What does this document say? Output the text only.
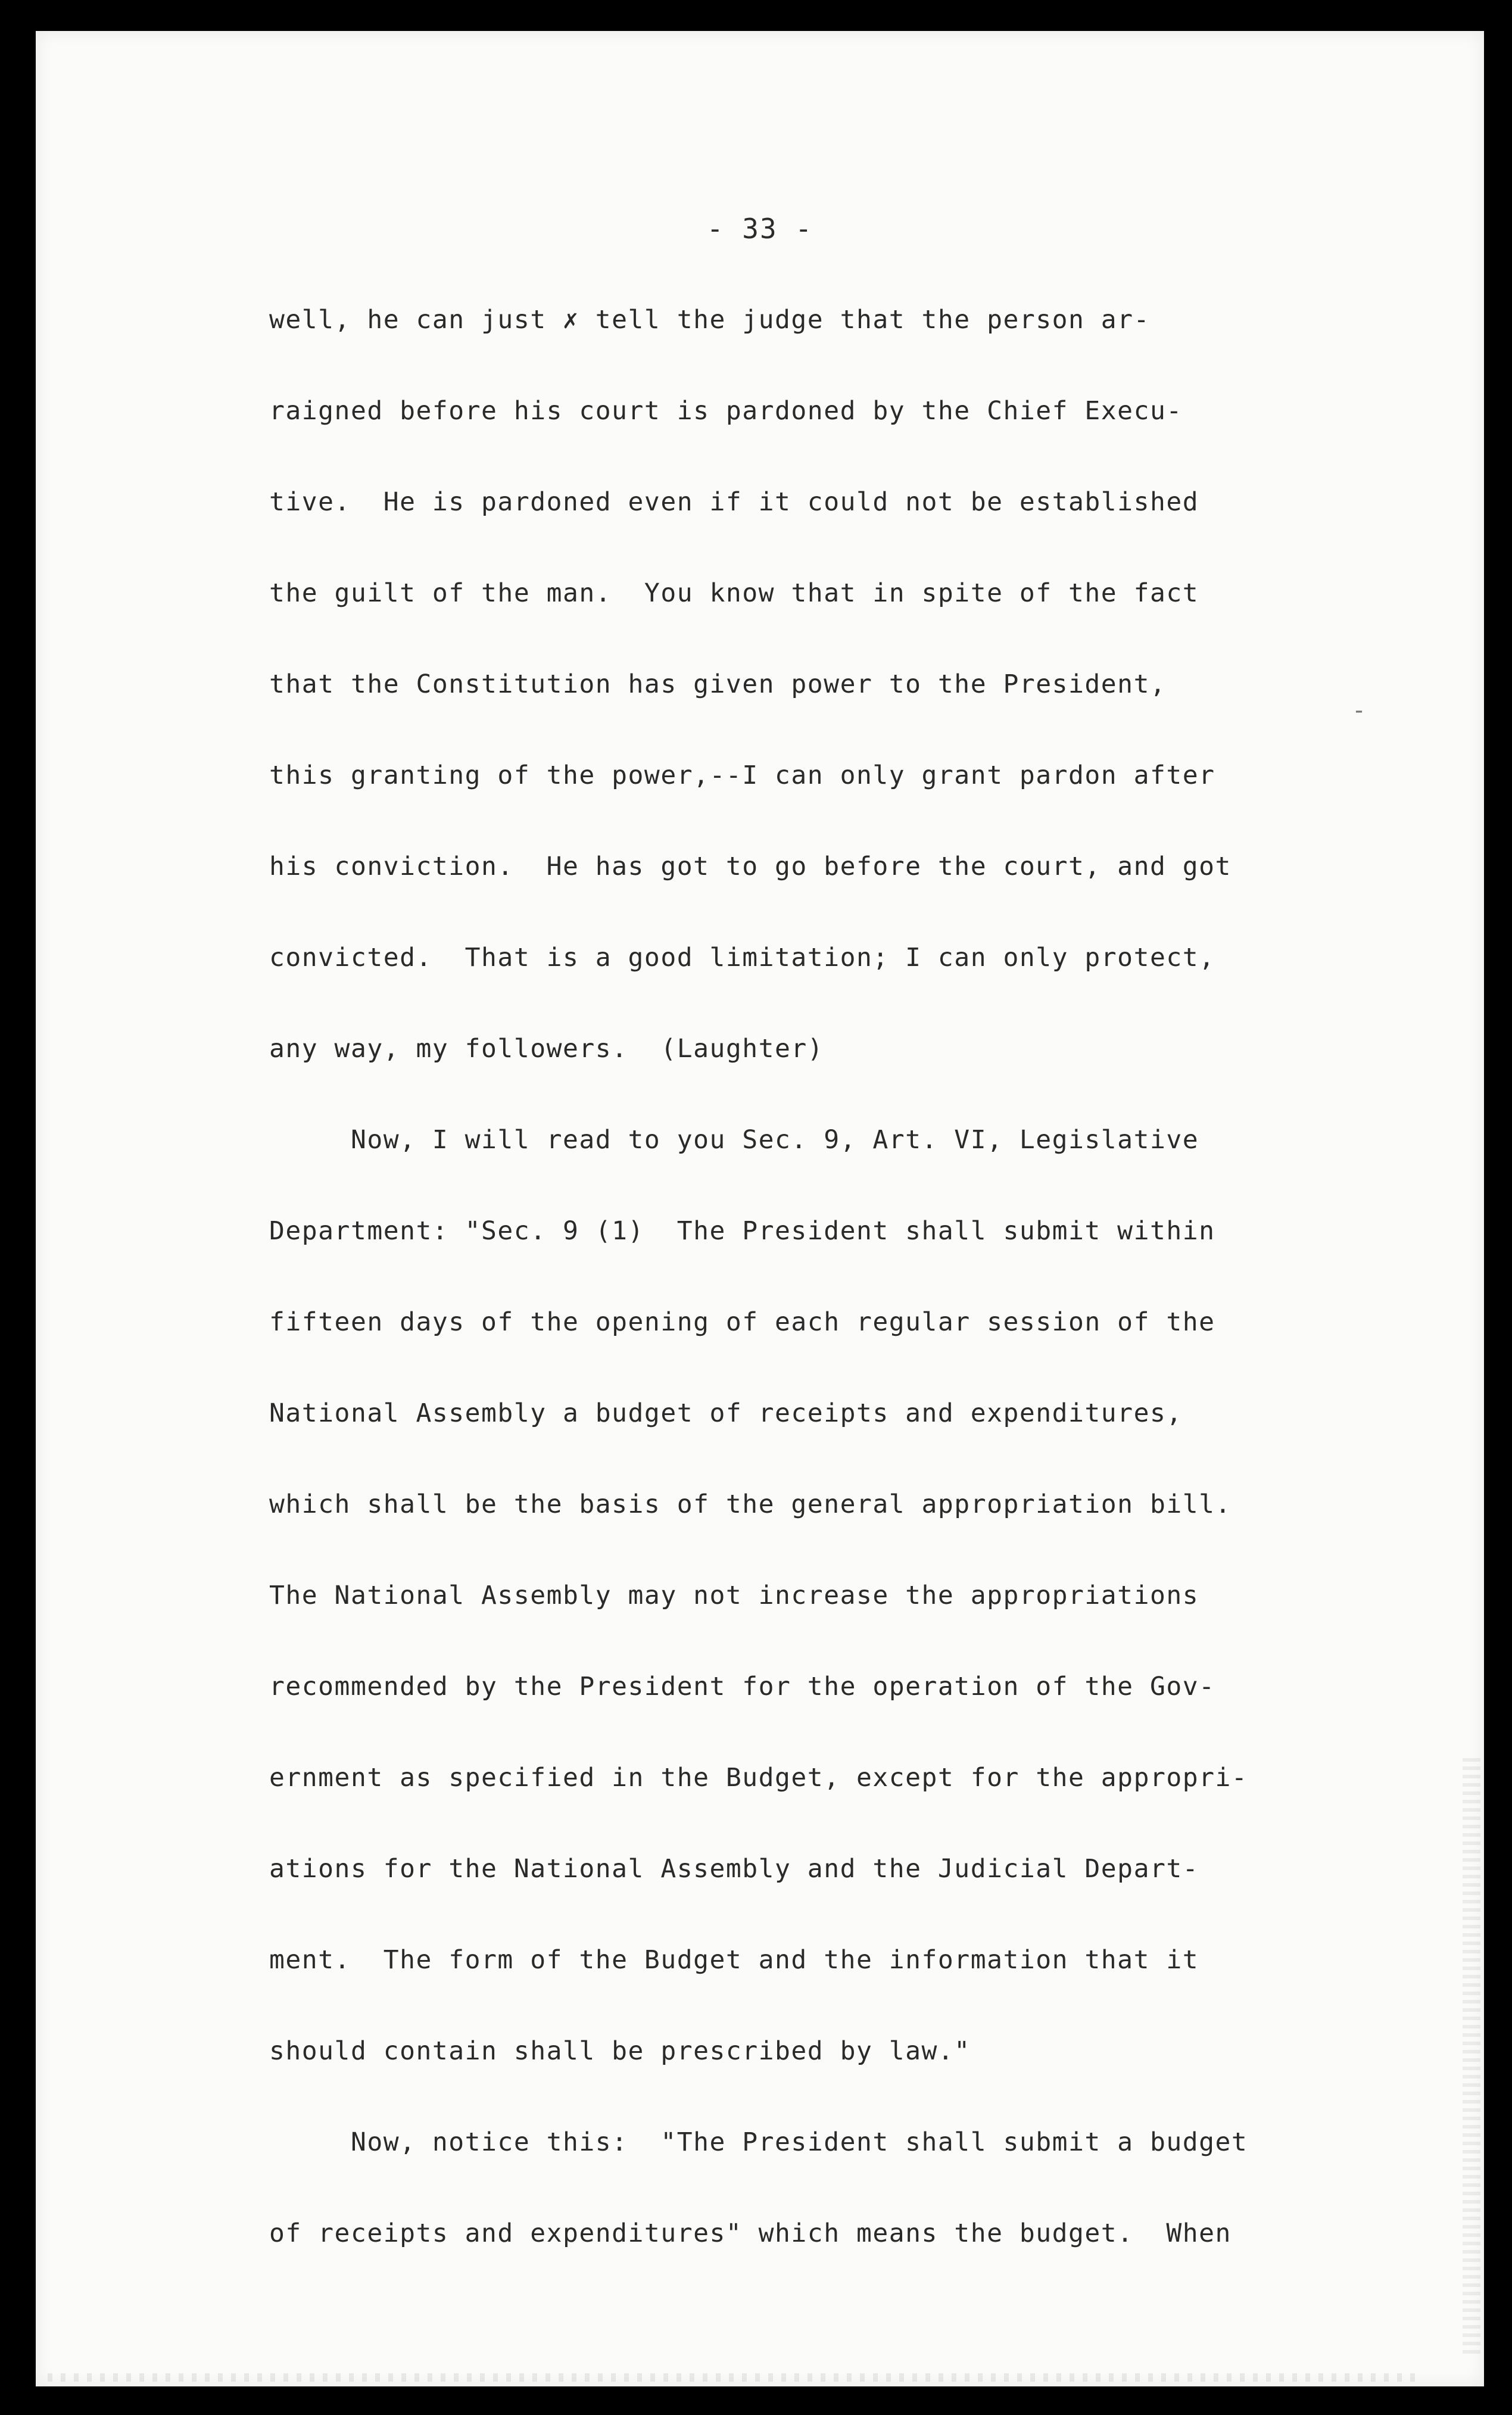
- 33 -
well, he can just ✗ tell the judge that the person ar-
raigned before his court is pardoned by the Chief Execu-
tive.  He is pardoned even if it could not be established
the guilt of the man.  You know that in spite of the fact
that the Constitution has given power to the President,
this granting of the power,--I can only grant pardon after
his conviction.  He has got to go before the court, and got
convicted.  That is a good limitation; I can only protect,
any way, my followers.  (Laughter)
Now, I will read to you Sec. 9, Art. VI, Legislative
Department: "Sec. 9 (1)  The President shall submit within
fifteen days of the opening of each regular session of the
National Assembly a budget of receipts and expenditures,
which shall be the basis of the general appropriation bill.
The National Assembly may not increase the appropriations
recommended by the President for the operation of the Gov-
ernment as specified in the Budget, except for the appropri-
ations for the National Assembly and the Judicial Depart-
ment.  The form of the Budget and the information that it
should contain shall be prescribed by law."
Now, notice this:  "The President shall submit a budget
of receipts and expenditures" which means the budget.  When
-
